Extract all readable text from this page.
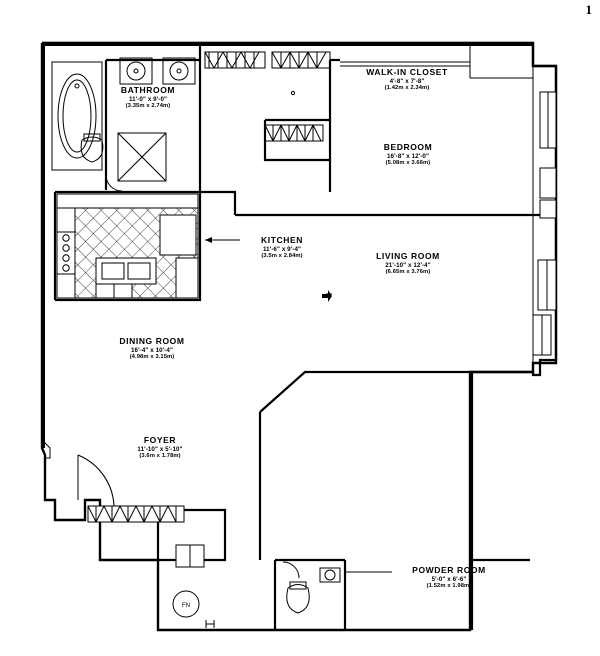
1
FN
BATHROOM
11'-0" x 9'-0"
(3.35m x 2.74m)
WALK-IN CLOSET
4'-8" x 7'-8"
(1.42m x 2.34m)
BEDROOM
16'-8" x 12'-0"
(5.08m x 3.66m)
KITCHEN
11'-6" x 9'-4"
(3.5m x 2.84m)	LIVING ROOM
21'-10" x 12'-4"
(6.65m x 3.76m)
DINING ROOM
16'-4" x 10'-4"
(4.98m x 3.15m)
FOYER
11'-10" x 5'-10"
(3.6m x 1.78m)
POWDER ROOM
5'-0" x 6'-6"
(1.52m x 1.98m)
